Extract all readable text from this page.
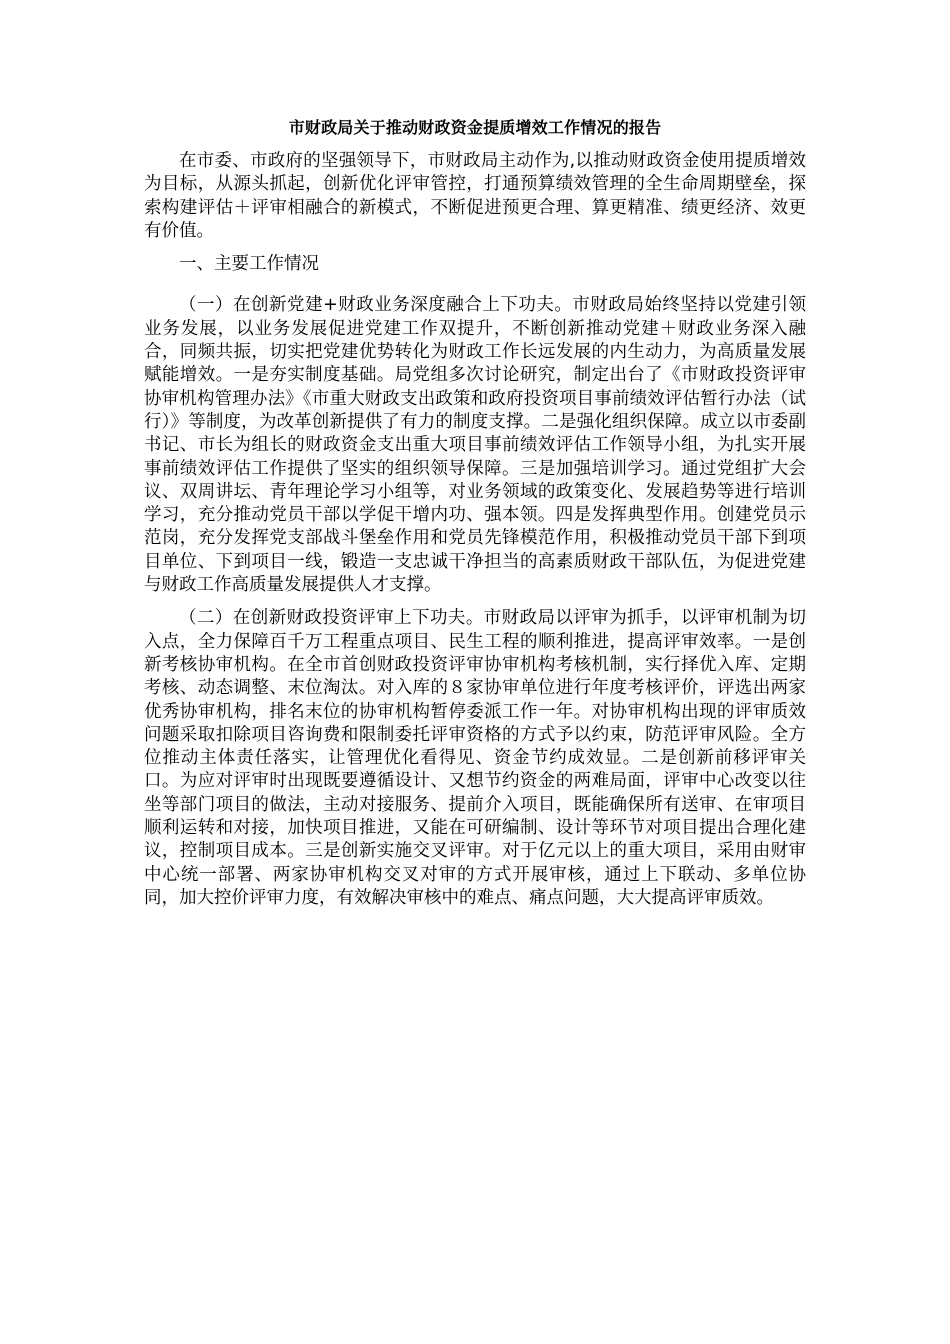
市财政局关于推动财政资金提质增效工作情况的报告

在市委、市政府的坚强领导下，市财政局主动作为,以推动财政资金使用提质增效为目标，从源头抓起，创新优化评审管控，打通预算绩效管理的全生命周期壁垒，探索构建评估＋评审相融合的新模式，不断促进预更合理、算更精准、绩更经济、效更有价值。

一、主要工作情况

（一）在创新党建+财政业务深度融合上下功夫。市财政局始终坚持以党建引领业务发展，以业务发展促进党建工作双提升，不断创新推动党建＋财政业务深入融合，同频共振，切实把党建优势转化为财政工作长远发展的内生动力，为高质量发展赋能增效。一是夯实制度基础。局党组多次讨论研究，制定出台了《市财政投资评审协审机构管理办法》《市重大财政支出政策和政府投资项目事前绩效评估暂行办法（试行）》等制度，为改革创新提供了有力的制度支撑。二是强化组织保障。成立以市委副书记、市长为组长的财政资金支出重大项目事前绩效评估工作领导小组，为扎实开展事前绩效评估工作提供了坚实的组织领导保障。三是加强培训学习。通过党组扩大会议、双周讲坛、青年理论学习小组等，对业务领域的政策变化、发展趋势等进行培训学习，充分推动党员干部以学促干增内功、强本领。四是发挥典型作用。创建党员示范岗，充分发挥党支部战斗堡垒作用和党员先锋模范作用，积极推动党员干部下到项目单位、下到项目一线，锻造一支忠诚干净担当的高素质财政干部队伍，为促进党建与财政工作高质量发展提供人才支撑。

（二）在创新财政投资评审上下功夫。市财政局以评审为抓手，以评审机制为切入点，全力保障百千万工程重点项目、民生工程的顺利推进，提高评审效率。一是创新考核协审机构。在全市首创财政投资评审协审机构考核机制，实行择优入库、定期考核、动态调整、末位淘汰。对入库的８家协审单位进行年度考核评价，评选出两家优秀协审机构，排名末位的协审机构暂停委派工作一年。对协审机构出现的评审质效问题采取扣除项目咨询费和限制委托评审资格的方式予以约束，防范评审风险。全方位推动主体责任落实，让管理优化看得见、资金节约成效显。二是创新前移评审关口。为应对评审时出现既要遵循设计、又想节约资金的两难局面，评审中心改变以往坐等部门项目的做法，主动对接服务、提前介入项目，既能确保所有送审、在审项目顺利运转和对接，加快项目推进，又能在可研编制、设计等环节对项目提出合理化建议，控制项目成本。三是创新实施交叉评审。对于亿元以上的重大项目，采用由财审中心统一部署、两家协审机构交叉对审的方式开展审核，通过上下联动、多单位协同，加大控价评审力度，有效解决审核中的难点、痛点问题，大大提高评审质效。
